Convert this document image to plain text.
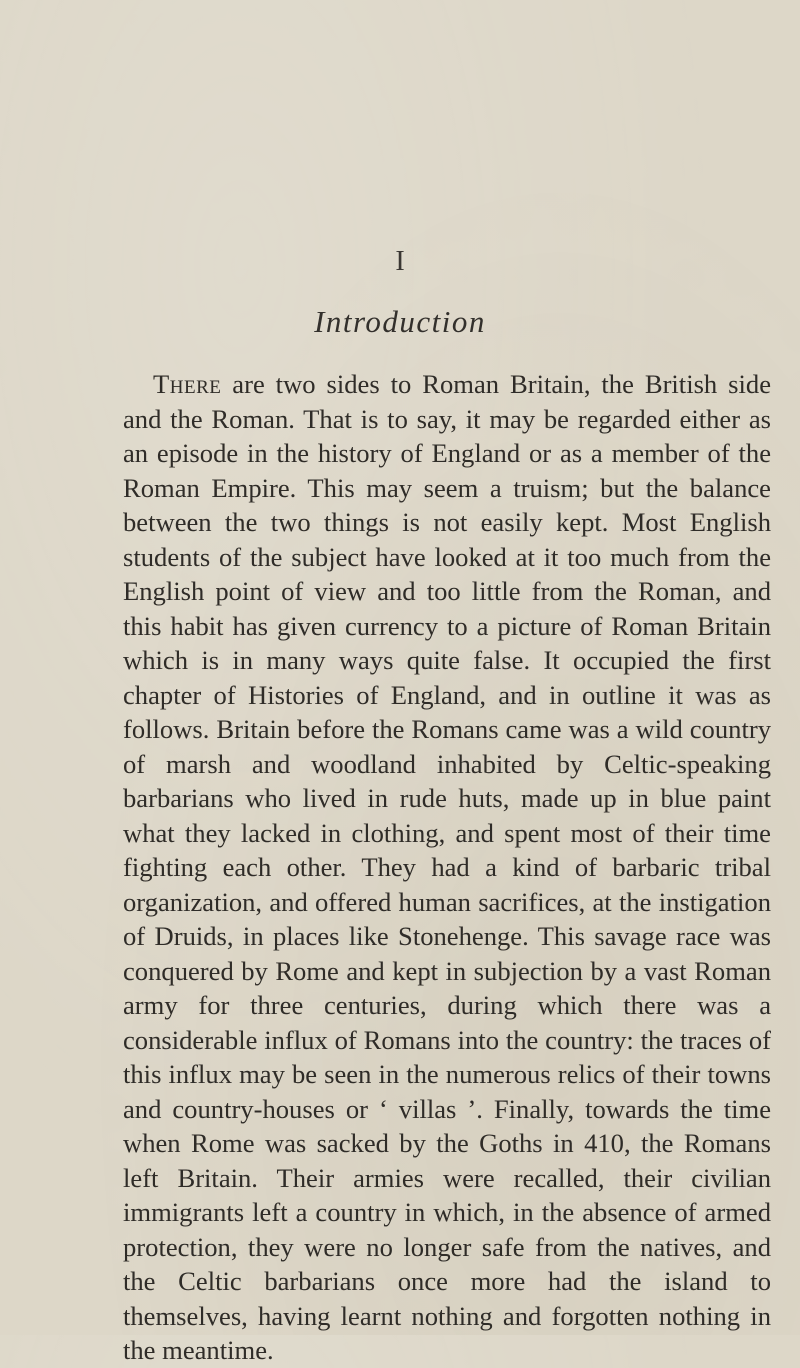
I
Introduction

There are two sides to Roman Britain, the British side and the Roman. That is to say, it may be regarded either as an episode in the history of England or as a member of the Roman Empire. This may seem a truism; but the balance between the two things is not easily kept. Most English students of the subject have looked at it too much from the English point of view and too little from the Roman, and this habit has given currency to a picture of Roman Britain which is in many ways quite false. It occupied the first chapter of Histories of England, and in outline it was as follows. Britain before the Romans came was a wild country of marsh and woodland inhabited by Celtic-speaking barbarians who lived in rude huts, made up in blue paint what they lacked in clothing, and spent most of their time fighting each other. They had a kind of barbaric tribal organization, and offered human sacrifices, at the instigation of Druids, in places like Stonehenge. This savage race was conquered by Rome and kept in subjection by a vast Roman army for three centuries, during which there was a considerable influx of Romans into the country: the traces of this influx may be seen in the numerous relics of their towns and country-houses or ‘ villas ’. Finally, towards the time when Rome was sacked by the Goths in 410, the Romans left Britain. Their armies were recalled, their civilian immigrants left a country in which, in the absence of armed protection, they were no longer safe from the natives, and the Celtic barbarians once more had the island to themselves, having learnt nothing and forgotten nothing in the meantime.
